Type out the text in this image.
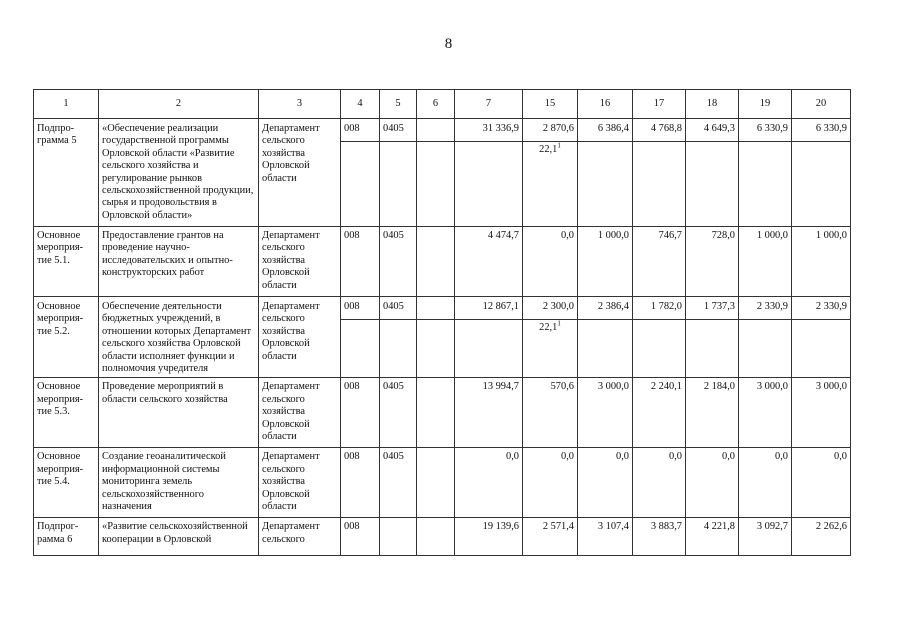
8
1	2	3	4	5	6	7	15	16	17	18	19	20
Подпро-грамма 5	«Обеспечение реализации государственной программы Орловской области «Развитие сельского хозяйства и регулирование рынков сельскохозяйственной продукции, сырья и продовольствия в Орловской области»	Департамент сельского хозяйства Орловской области	008	0405		31 336,9	2 870,6	6 386,4	4 768,8	4 649,3	6 330,9	6 330,9
							22,1$^1$					
Основное мероприя-тие 5.1.	Предоставление грантов на проведение научно-исследовательских и опытно-конструкторских работ	Департамент сельского хозяйства Орловской области	008	0405		4 474,7	0,0	1 000,0	746,7	728,0	1 000,0	1 000,0
Основное мероприя-тие 5.2.	Обеспечение деятельности бюджетных учреждений, в отношении которых Департамент сельского хозяйства Орловской области исполняет функции и полномочия учредителя	Департамент сельского хозяйства Орловской области	008	0405		12 867,1	2 300,0	2 386,4	1 782,0	1 737,3	2 330,9	2 330,9
							22,1$^1$					
Основное мероприя-тие 5.3.	Проведение мероприятий в области сельского хозяйства	Департамент сельского хозяйства Орловской области	008	0405		13 994,7	570,6	3 000,0	2 240,1	2 184,0	3 000,0	3 000,0
Основное мероприя-тие 5.4.	Создание геоаналитической информационной системы мониторинга земель сельскохозяйственного назначения	Департамент сельского хозяйства Орловской области	008	0405		0,0	0,0	0,0	0,0	0,0	0,0	0,0
Подпрог-рамма 6	«Развитие сельскохозяйственной кооперации в Орловской	Департамент сельского	008			19 139,6	2 571,4	3 107,4	3 883,7	4 221,8	3 092,7	2 262,6
